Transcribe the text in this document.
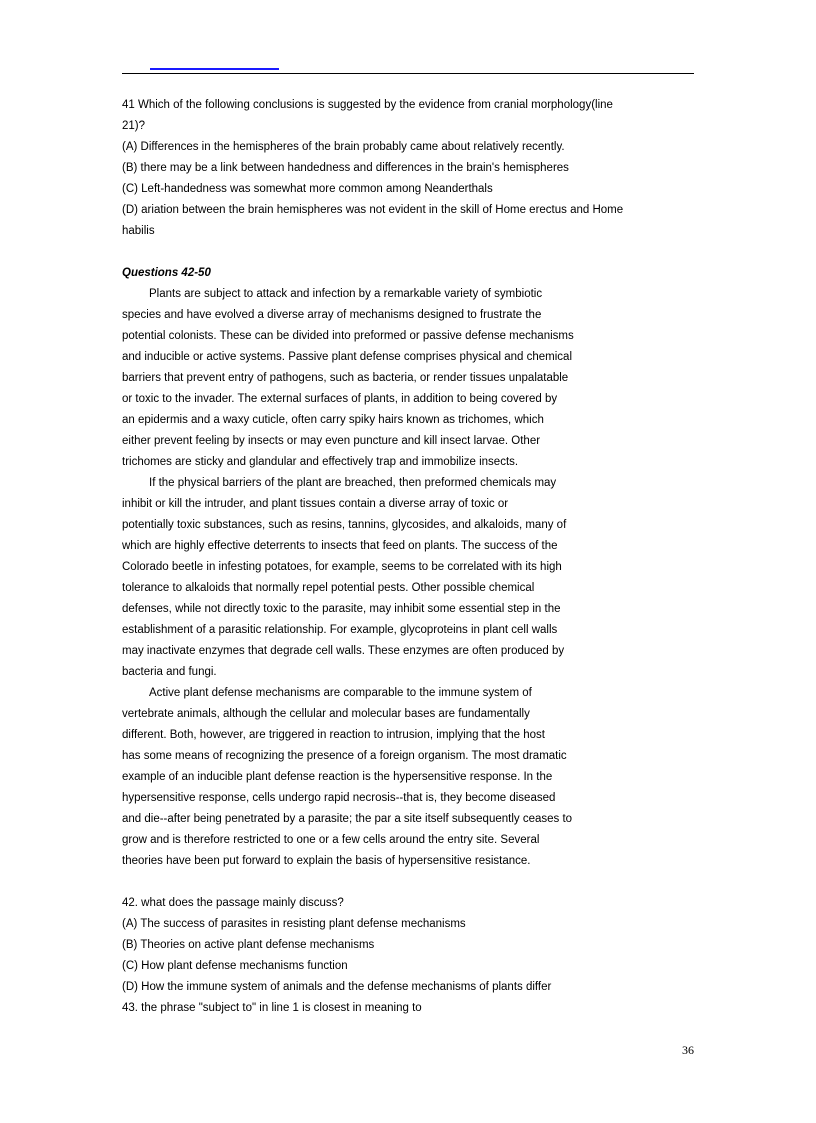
41 Which of the following conclusions is suggested by the evidence from cranial morphology(line
21)?
(A) Differences in the hemispheres of the brain probably came about relatively recently.
(B) there may be a link between handedness and differences in the brain's hemispheres
(C) Left-handedness was somewhat more common among Neanderthals
(D) ariation between the brain hemispheres was not evident in the skill of Home erectus and Home
habilis
Questions 42-50
Plants are subject to attack and infection by a remarkable variety of symbiotic
species and have evolved a diverse array of mechanisms designed to frustrate the
potential colonists. These can be divided into preformed or passive defense mechanisms
and inducible or active systems. Passive plant defense comprises physical and chemical
barriers that prevent entry of pathogens, such as bacteria, or render tissues unpalatable
or toxic to the invader. The external surfaces of plants, in addition to being covered by
an epidermis and a waxy cuticle, often carry spiky hairs known as trichomes, which
either prevent feeling by insects or may even puncture and kill insect larvae. Other
trichomes are sticky and glandular and effectively trap and immobilize insects.
If the physical barriers of the plant are breached, then preformed chemicals may
inhibit or kill the intruder, and plant tissues contain a diverse array of toxic or
potentially toxic substances, such as resins, tannins, glycosides, and alkaloids, many of
which are highly effective deterrents to insects that feed on plants. The success of the
Colorado beetle in infesting potatoes, for example, seems to be correlated with its high
tolerance to alkaloids that normally repel potential pests. Other possible chemical
defenses, while not directly toxic to the parasite, may inhibit some essential step in the
establishment of a parasitic relationship. For example, glycoproteins in plant cell walls
may inactivate enzymes that degrade cell walls. These enzymes are often produced by
bacteria and fungi.
Active plant defense mechanisms are comparable to the immune system of
vertebrate animals, although the cellular and molecular bases are fundamentally
different. Both, however, are triggered in reaction to intrusion, implying that the host
has some means of recognizing the presence of a foreign organism. The most dramatic
example of an inducible plant defense reaction is the hypersensitive response. In the
hypersensitive response, cells undergo rapid necrosis--that is, they become diseased
and die--after being penetrated by a parasite; the par a site itself subsequently ceases to
grow and is therefore restricted to one or a few cells around the entry site. Several
theories have been put forward to explain the basis of hypersensitive resistance.
42. what does the passage mainly discuss?
(A) The success of parasites in resisting plant defense mechanisms
(B) Theories on active plant defense mechanisms
(C) How plant defense mechanisms function
(D) How the immune system of animals and the defense mechanisms of plants differ
43. the phrase "subject to" in line 1 is closest in meaning to
36
